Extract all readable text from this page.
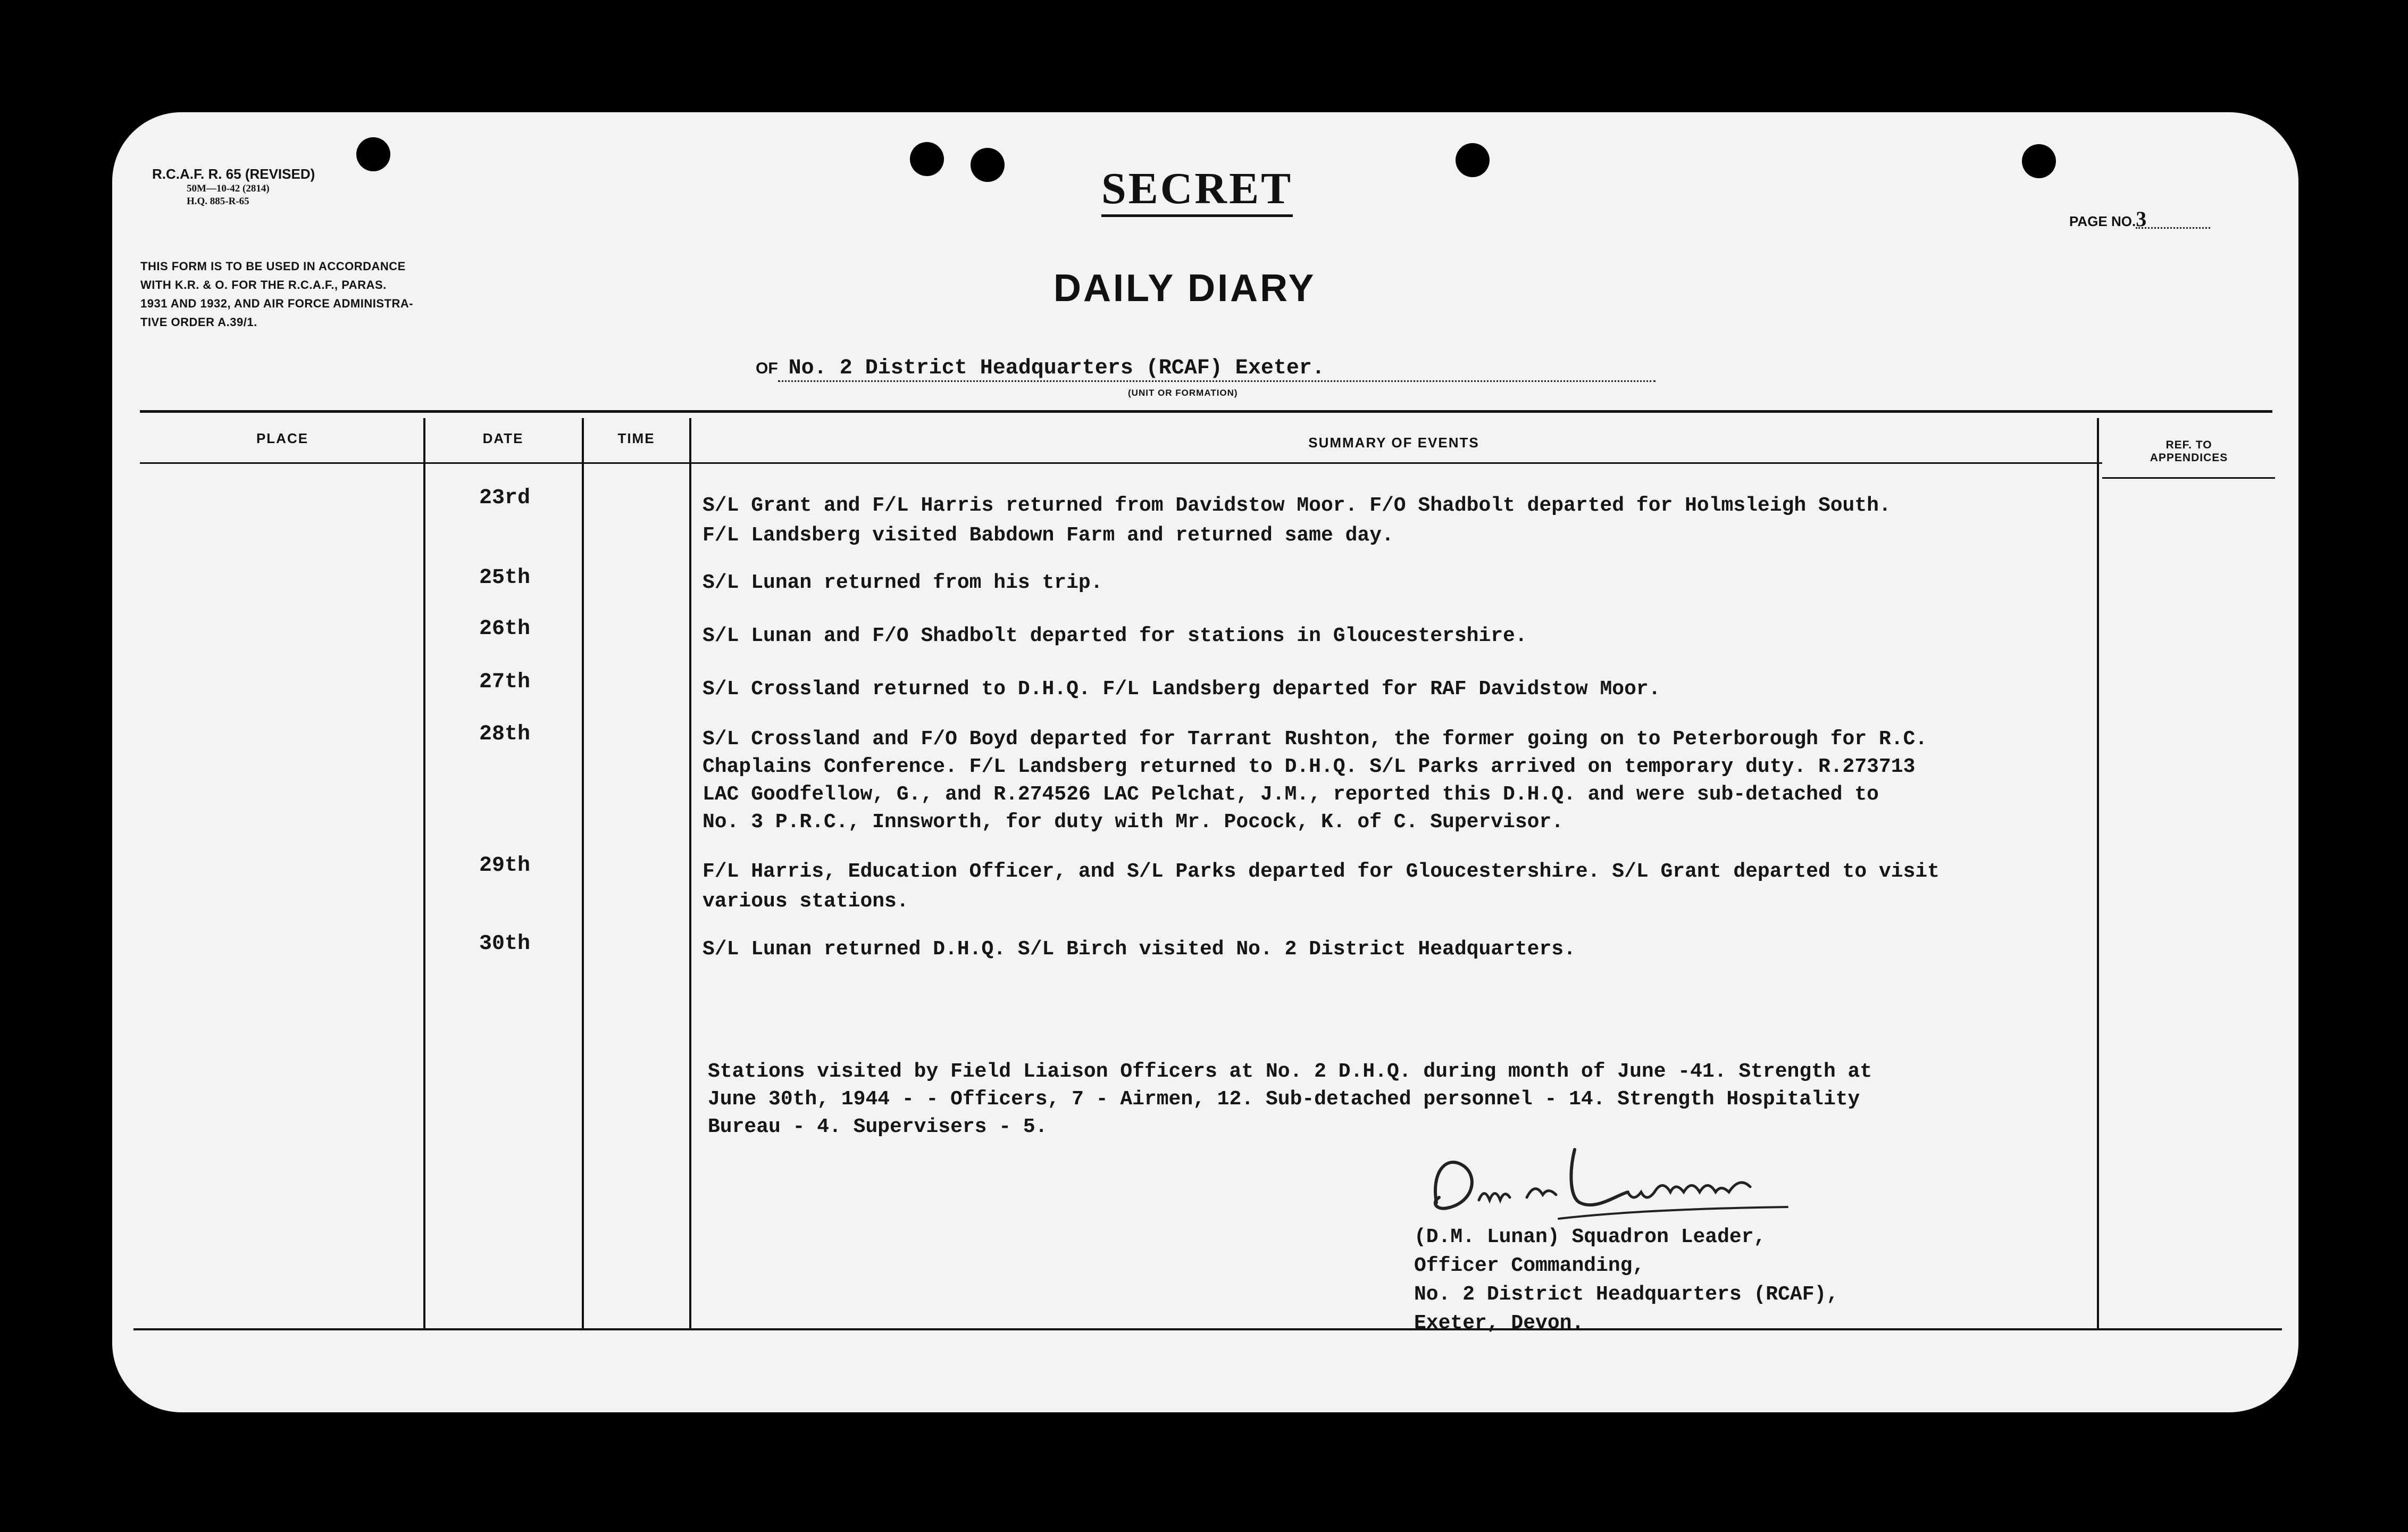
R.C.A.F. R. 65 (REVISED)
50M—10-42 (2814)
H.Q. 885-R-65	SECRET
PAGE NO.3
THIS FORM IS TO BE USED IN ACCORDANCE
WITH K.R. & O. FOR THE R.C.A.F., PARAS.
1931 AND 1932, AND AIR FORCE ADMINISTRA-
TIVE ORDER A.39/1.
DAILY DIARY
OF No. 2 District Headquarters (RCAF) Exeter.
(UNIT OR FORMATION)
PLACE	DATE	TIME	SUMMARY OF EVENTS	REF. TO
APPENDICES
23rd	S/L Grant and F/L Harris returned from Davidstow Moor. F/O Shadbolt departed for Holmsleigh South.
F/L Landsberg visited Babdown Farm and returned same day.
25th	S/L Lunan returned from his trip.
26th	S/L Lunan and F/O Shadbolt departed for stations in Gloucestershire.
27th	S/L Crossland returned to D.H.Q. F/L Landsberg departed for RAF Davidstow Moor.
28th	S/L Crossland and F/O Boyd departed for Tarrant Rushton, the former going on to Peterborough for R.C.
Chaplains Conference. F/L Landsberg returned to D.H.Q. S/L Parks arrived on temporary duty. R.273713
LAC Goodfellow, G., and R.274526 LAC Pelchat, J.M., reported this D.H.Q. and were sub-detached to
No. 3 P.R.C., Innsworth, for duty with Mr. Pocock, K. of C. Supervisor.
29th	F/L Harris, Education Officer, and S/L Parks departed for Gloucestershire. S/L Grant departed to visit
various stations.
30th	S/L Lunan returned D.H.Q. S/L Birch visited No. 2 District Headquarters.
Stations visited by Field Liaison Officers at No. 2 D.H.Q. during month of June -41. Strength at
June 30th, 1944 - - Officers, 7 - Airmen, 12. Sub-detached personnel - 14. Strength Hospitality
Bureau - 4. Supervisers - 5.
(D.M. Lunan) Squadron Leader,
Officer Commanding,
No. 2 District Headquarters (RCAF),
Exeter, Devon.
